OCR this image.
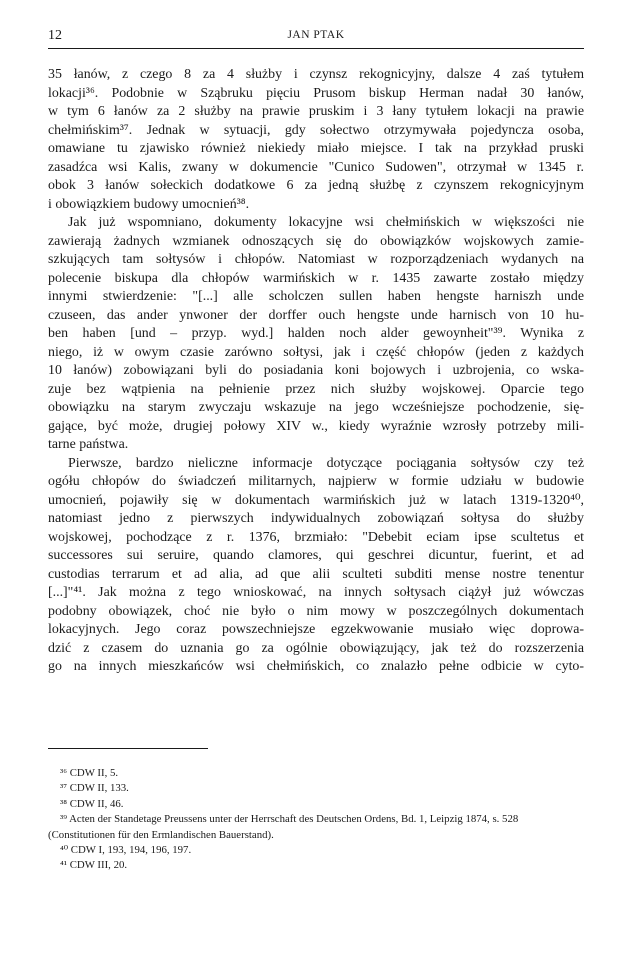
12	JAN PTAK
35 łanów, z czego 8 za 4 służby i czynsz rekognicyjny, dalsze 4 zaś tytułem
lokacji³⁶. Podobnie w Sząbruku pięciu Prusom biskup Herman nadał 30 łanów,
w tym 6 łanów za 2 służby na prawie pruskim i 3 łany tytułem lokacji na prawie
chełmińskim³⁷. Jednak w sytuacji, gdy sołectwo otrzymywała pojedyncza osoba,
omawiane tu zjawisko również niekiedy miało miejsce. I tak na przykład pruski
zasadźca wsi Kalis, zwany w dokumencie "Cunico Sudowen", otrzymał w 1345 r.
obok 3 łanów sołeckich dodatkowe 6 za jedną służbę z czynszem rekognicyjnym
i obowiązkiem budowy umocnień³⁸.
Jak już wspomniano, dokumenty lokacyjne wsi chełmińskich w większości nie
zawierają żadnych wzmianek odnoszących się do obowiązków wojskowych zamie-
szkujących tam sołtysów i chłopów. Natomiast w rozporządzeniach wydanych na
polecenie biskupa dla chłopów warmińskich w r. 1435 zawarte zostało między
innymi stwierdzenie: "[...] alle scholczen sullen haben hengste harniszh unde
czuseen, das ander ynwoner der dorffer ouch hengste unde harnisch von 10 hu-
ben haben [und – przyp. wyd.] halden noch alder gewoynheit"³⁹. Wynika z
niego, iż w owym czasie zarówno sołtysi, jak i część chłopów (jeden z każdych
10 łanów) zobowiązani byli do posiadania koni bojowych i uzbrojenia, co wska-
zuje bez wątpienia na pełnienie przez nich służby wojskowej. Oparcie tego
obowiązku na starym zwyczaju wskazuje na jego wcześniejsze pochodzenie, się-
gające, być może, drugiej połowy XIV w., kiedy wyraźnie wzrosły potrzeby mili-
tarne państwa.
Pierwsze, bardzo nieliczne informacje dotyczące pociągania sołtysów czy też
ogółu chłopów do świadczeń militarnych, najpierw w formie udziału w budowie
umocnień, pojawiły się w dokumentach warmińskich już w latach 1319-1320⁴⁰,
natomiast jedno z pierwszych indywidualnych zobowiązań sołtysa do służby
wojskowej, pochodzące z r. 1376, brzmiało: "Debebit eciam ipse scultetus et
successores sui seruire, quando clamores, qui geschrei dicuntur, fuerint, et ad
custodias terrarum et ad alia, ad que alii sculteti subditi mense nostre tenentur
[...]"⁴¹. Jak można z tego wnioskować, na innych sołtysach ciążył już wówczas
podobny obowiązek, choć nie było o nim mowy w poszczególnych dokumentach
lokacyjnych. Jego coraz powszechniejsze egzekwowanie musiało więc doprowa-
dzić z czasem do uznania go za ogólnie obowiązujący, jak też do rozszerzenia
go na innych mieszkańców wsi chełmińskich, co znalazło pełne odbicie w cyto-
³⁶ CDW II, 5.
³⁷ CDW II, 133.
³⁸ CDW II, 46.
³⁹ Acten der Standetage Preussens unter der Herrschaft des Deutschen Ordens, Bd. 1, Leipzig 1874, s. 528
(Constitutionen für den Ermlandischen Bauerstand).
⁴⁰ CDW I, 193, 194, 196, 197.
⁴¹ CDW III, 20.
